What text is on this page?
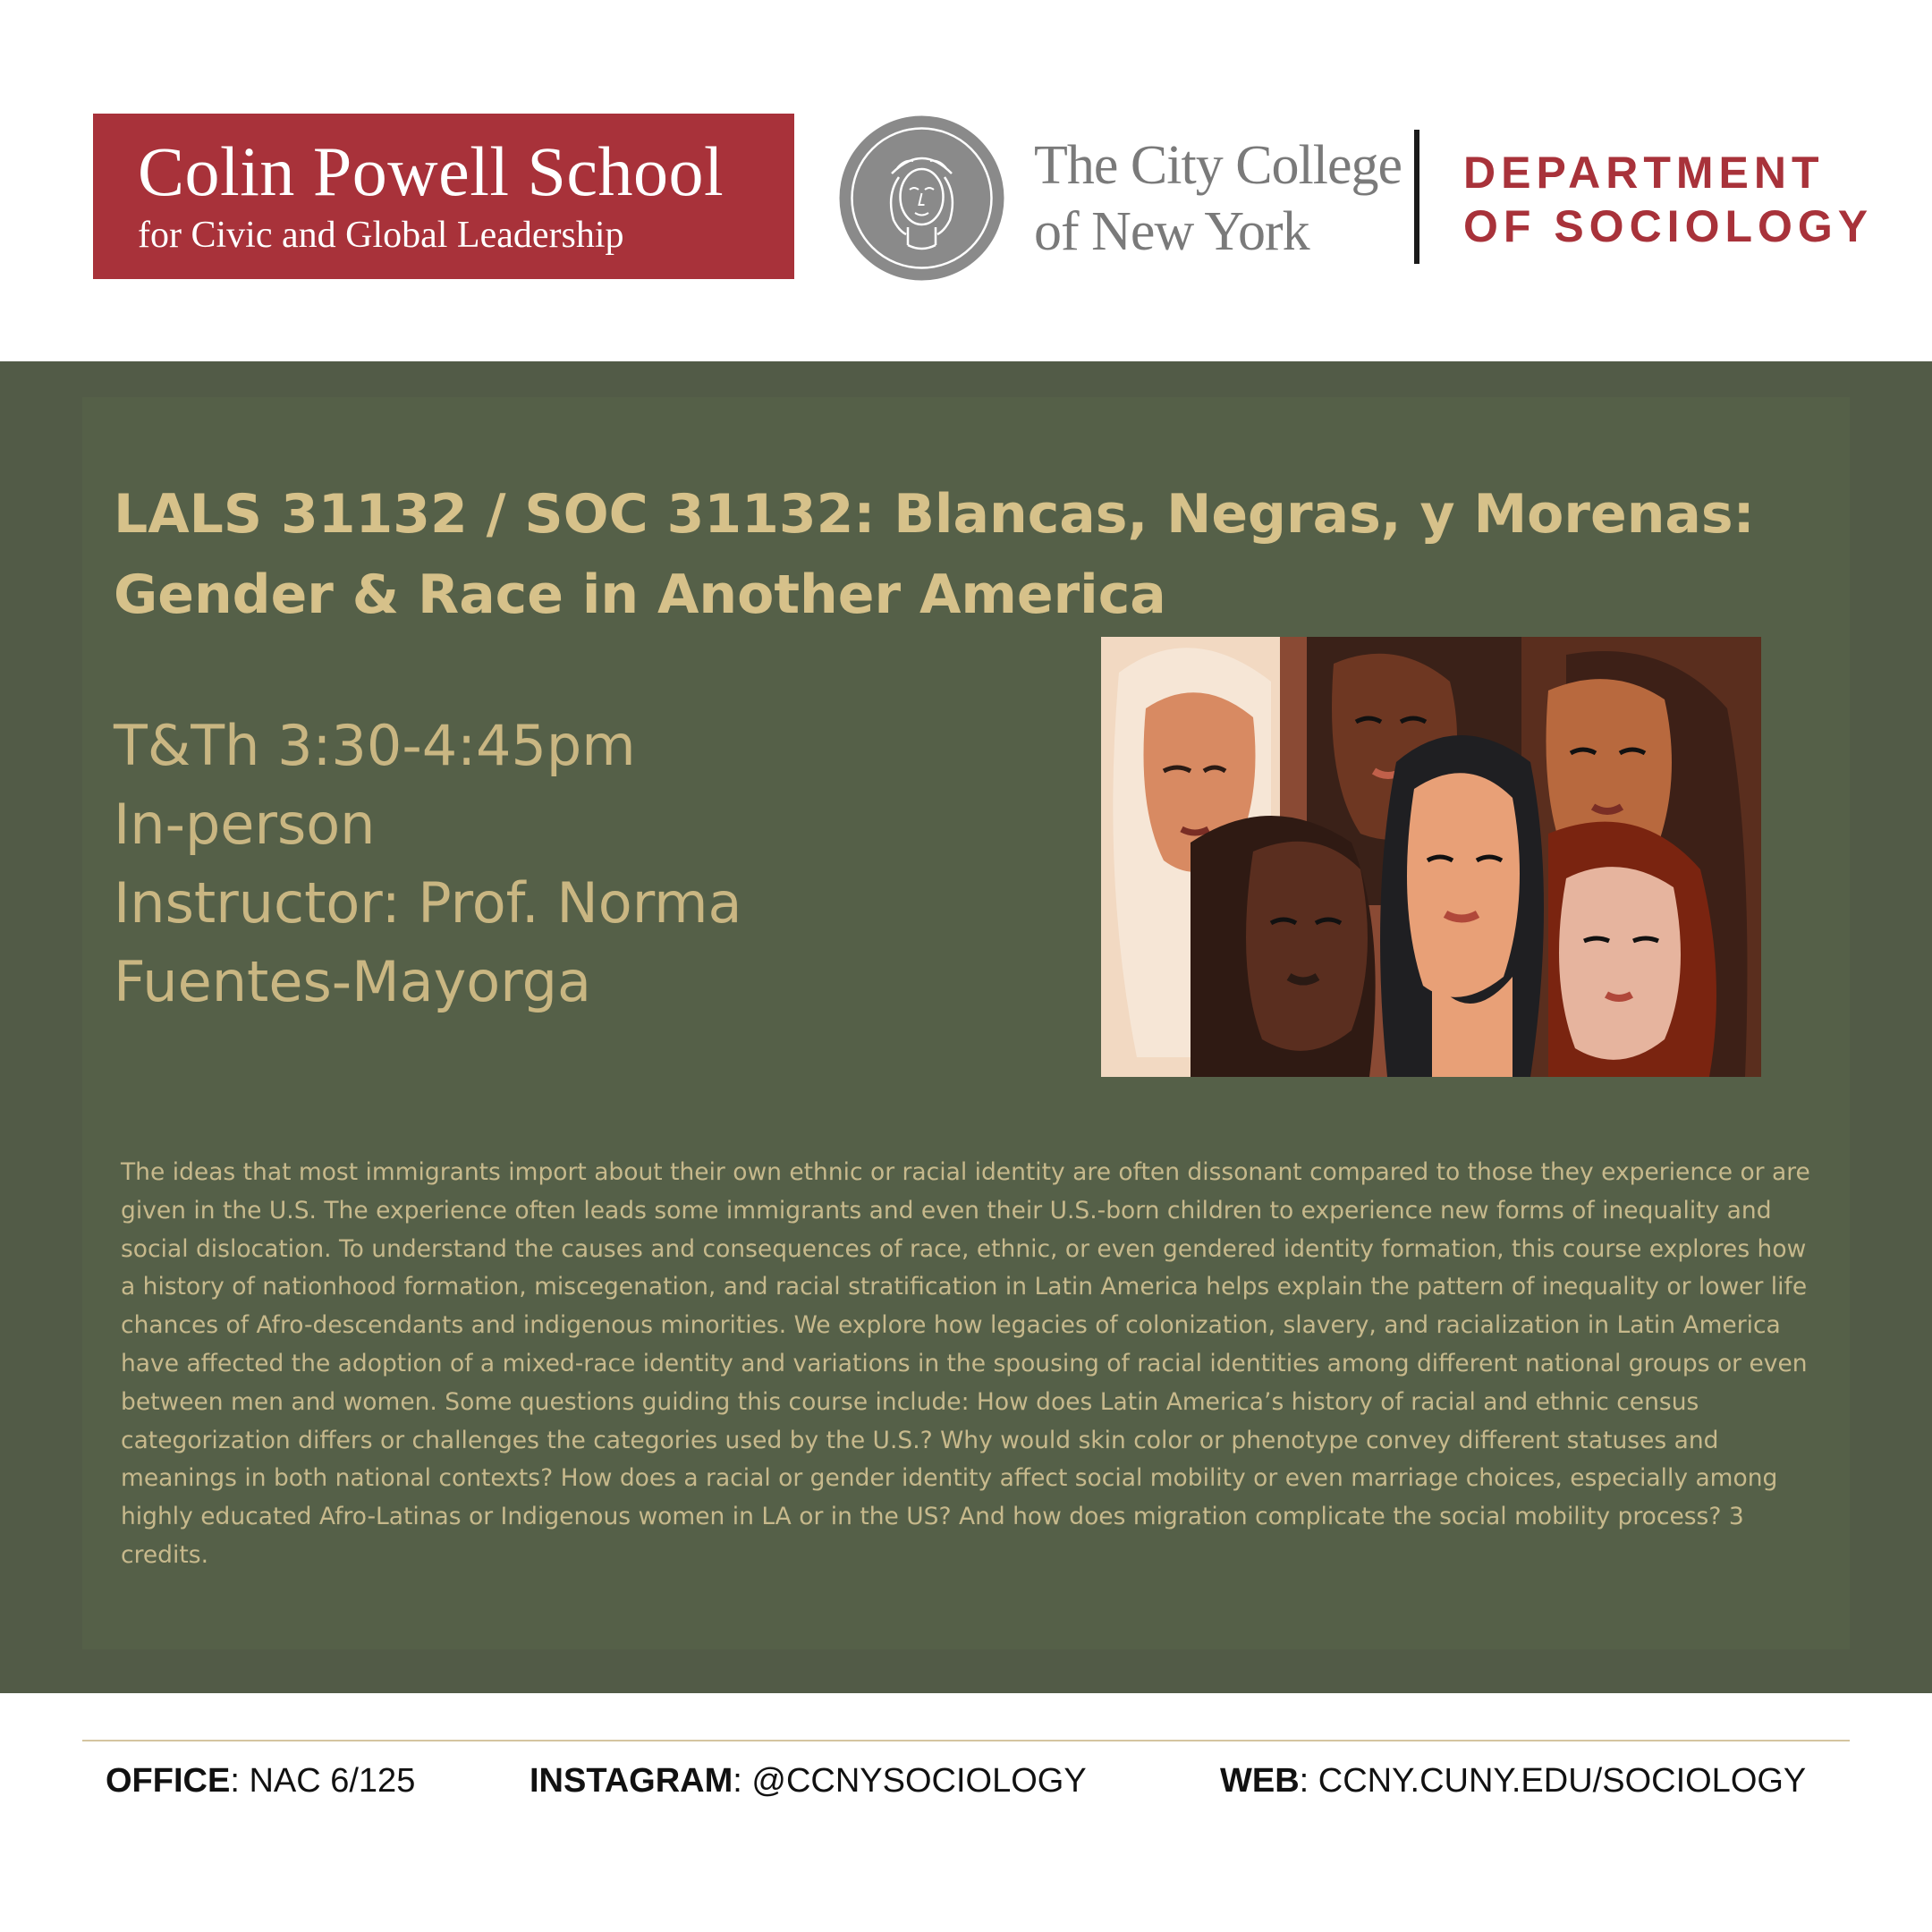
Colin Powell School
for Civic and Global Leadership
The City College
of New York
DEPARTMENT
OF SOCIOLOGY
LALS 31132 / SOC 31132: Blancas, Negras, y Morenas:
Gender & Race in Another America
T&Th 3:30-4:45pm
In-person
Instructor: Prof. Norma
Fuentes-Mayorga

The ideas that most immigrants import about their own ethnic or racial identity are often dissonant compared to those they experience or are given in the U.S. The experience often leads some immigrants and even their U.S.-born children to experience new forms of inequality and social dislocation. To understand the causes and consequences of race, ethnic, or even gendered identity formation, this course explores how a history of nationhood formation, miscegenation, and racial stratification in Latin America helps explain the pattern of inequality or lower life chances of Afro-descendants and indigenous minorities. We explore how legacies of colonization, slavery, and racialization in Latin America have affected the adoption of a mixed-race identity and variations in the spousing of racial identities among different national groups or even between men and women. Some questions guiding this course include: How does Latin America’s history of racial and ethnic census categorization differs or challenges the categories used by the U.S.? Why would skin color or phenotype convey different statuses and meanings in both national contexts? How does a racial or gender identity affect social mobility or even marriage choices, especially among highly educated Afro-Latinas or Indigenous women in LA or in the US? And how does migration complicate the social mobility process? 3 credits.

OFFICE: NAC 6/125	INSTAGRAM: @CCNYSOCIOLOGY	WEB: CCNY.CUNY.EDU/SOCIOLOGY
